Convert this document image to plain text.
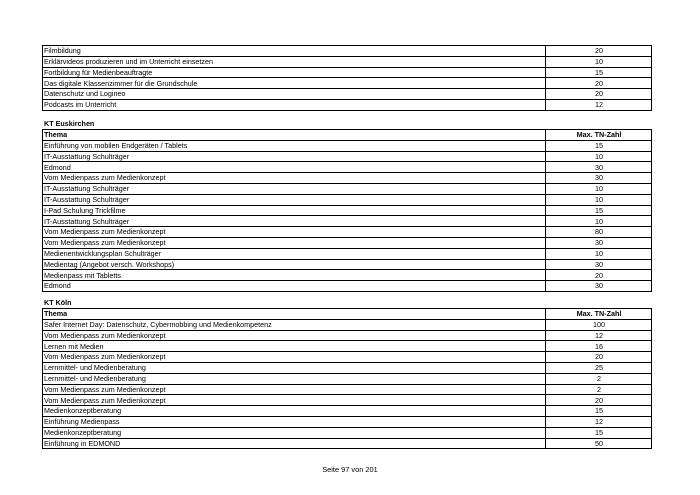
Filmbildung	20
Erklärvideos produzieren und im Unterricht einsetzen	10
Fortbildung für Medienbeauftragte	15
Das digitale Klassenzimmer für die Grundschule	20
Datenschutz und Logineo	20
Podcasts im Unterricht	12
KT Euskirchen
Thema	Max. TN-Zahl
Einführung von mobilen Endgeräten / Tablets	15
IT-Ausstattung Schulträger	10
Edmond	30
Vom Medienpass zum Medienkonzept	30
IT-Ausstattung Schulträger	10
IT-Ausstattung Schulträger	10
I-Pad Schulung Trickfilme	15
IT-Ausstattung Schulträger	10
Vom Medienpass zum Medienkonzept	80
Vom Medienpass zum Medienkonzept	30
Medienentwicklungsplan Schulträger	10
Medientag (Angebot versch. Workshops)	30
Medienpass mit Tabletts	20
Edmond	30
KT Köln
Thema	Max. TN-Zahl
Safer Internet Day: Datenschutz, Cybermobbing und Medienkompetenz	100
Vom Medienpass zum Medienkonzept	12
Lernen mit Medien	16
Vom Medienpass zum Medienkonzept	20
Lernmittel- und Medienberatung	25
Lernmittel- und Medienberatung	2
Vom Medienpass zum Medienkonzept	2
Vom Medienpass zum Medienkonzept	20
Medienkonzeptberatung	15
Einführung Medienpass	12
Medienkonzeptberatung	15
Einführung in EDMOND	50
Seite 97 von 201
